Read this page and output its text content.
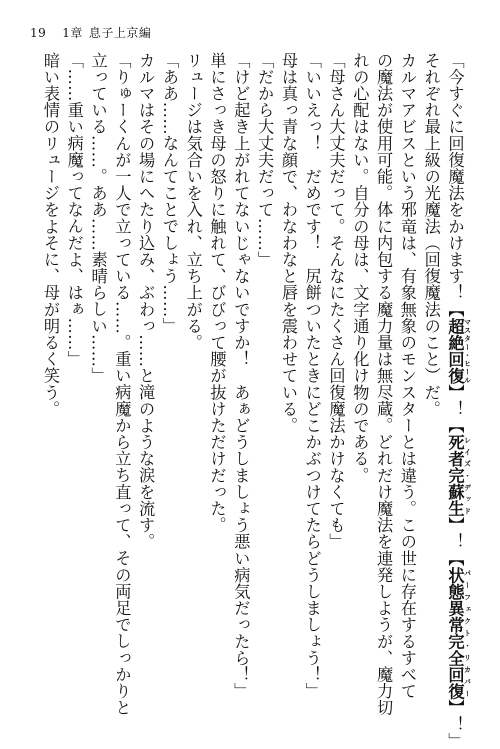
19 1章 息子上京編
「今すぐに回復魔法をかけます！【超絶回復 マスター・ヒール】！【死者完蘇生 レイズ・デッド】！【状態異常完全回復 パーフェクト・リカバー】！」
それぞれ最上級の光魔法（回復魔法のこと）だ。
カルマアビスという邪竜は、有象無象のモンスターとは違う。この世に存在するすべて
の魔法が使用可能。体に内包する魔力量は無尽蔵。どれだけ魔法を連発しようが、魔力切
れの心配はない。自分の母は、文字通り化け物のである。
「母さん大丈夫だって。そんなにたくさん回復魔法かけなくても」
「いいえっ！　だめです！　尻餅ついたときにどこかぶつけてたらどうしましょう！」
母は真っ青な顔で、わなわなと唇を震わせている。
「だから大丈夫だって……」
「けど起き上がれてないじゃないですか！　あぁどうしましょう悪い病気だったら！」
単にさっき母の怒りに触れて、びびって腰が抜けただけだった。
リュージは気合いを入れ、立ち上がる。
「ああ……なんてことでしょう……」
カルマはその場にへたり込み、ぶわっ……と滝のような涙を流す。
「りゅーくんが一人で立っている……。重い病魔から立ち直って、その両足でしっかりと
立っている……。ああ……素晴らしい……」
「……重い病魔ってなんだよ、はぁ……」
暗い表情のリュージをよそに、母が明るく笑う。
